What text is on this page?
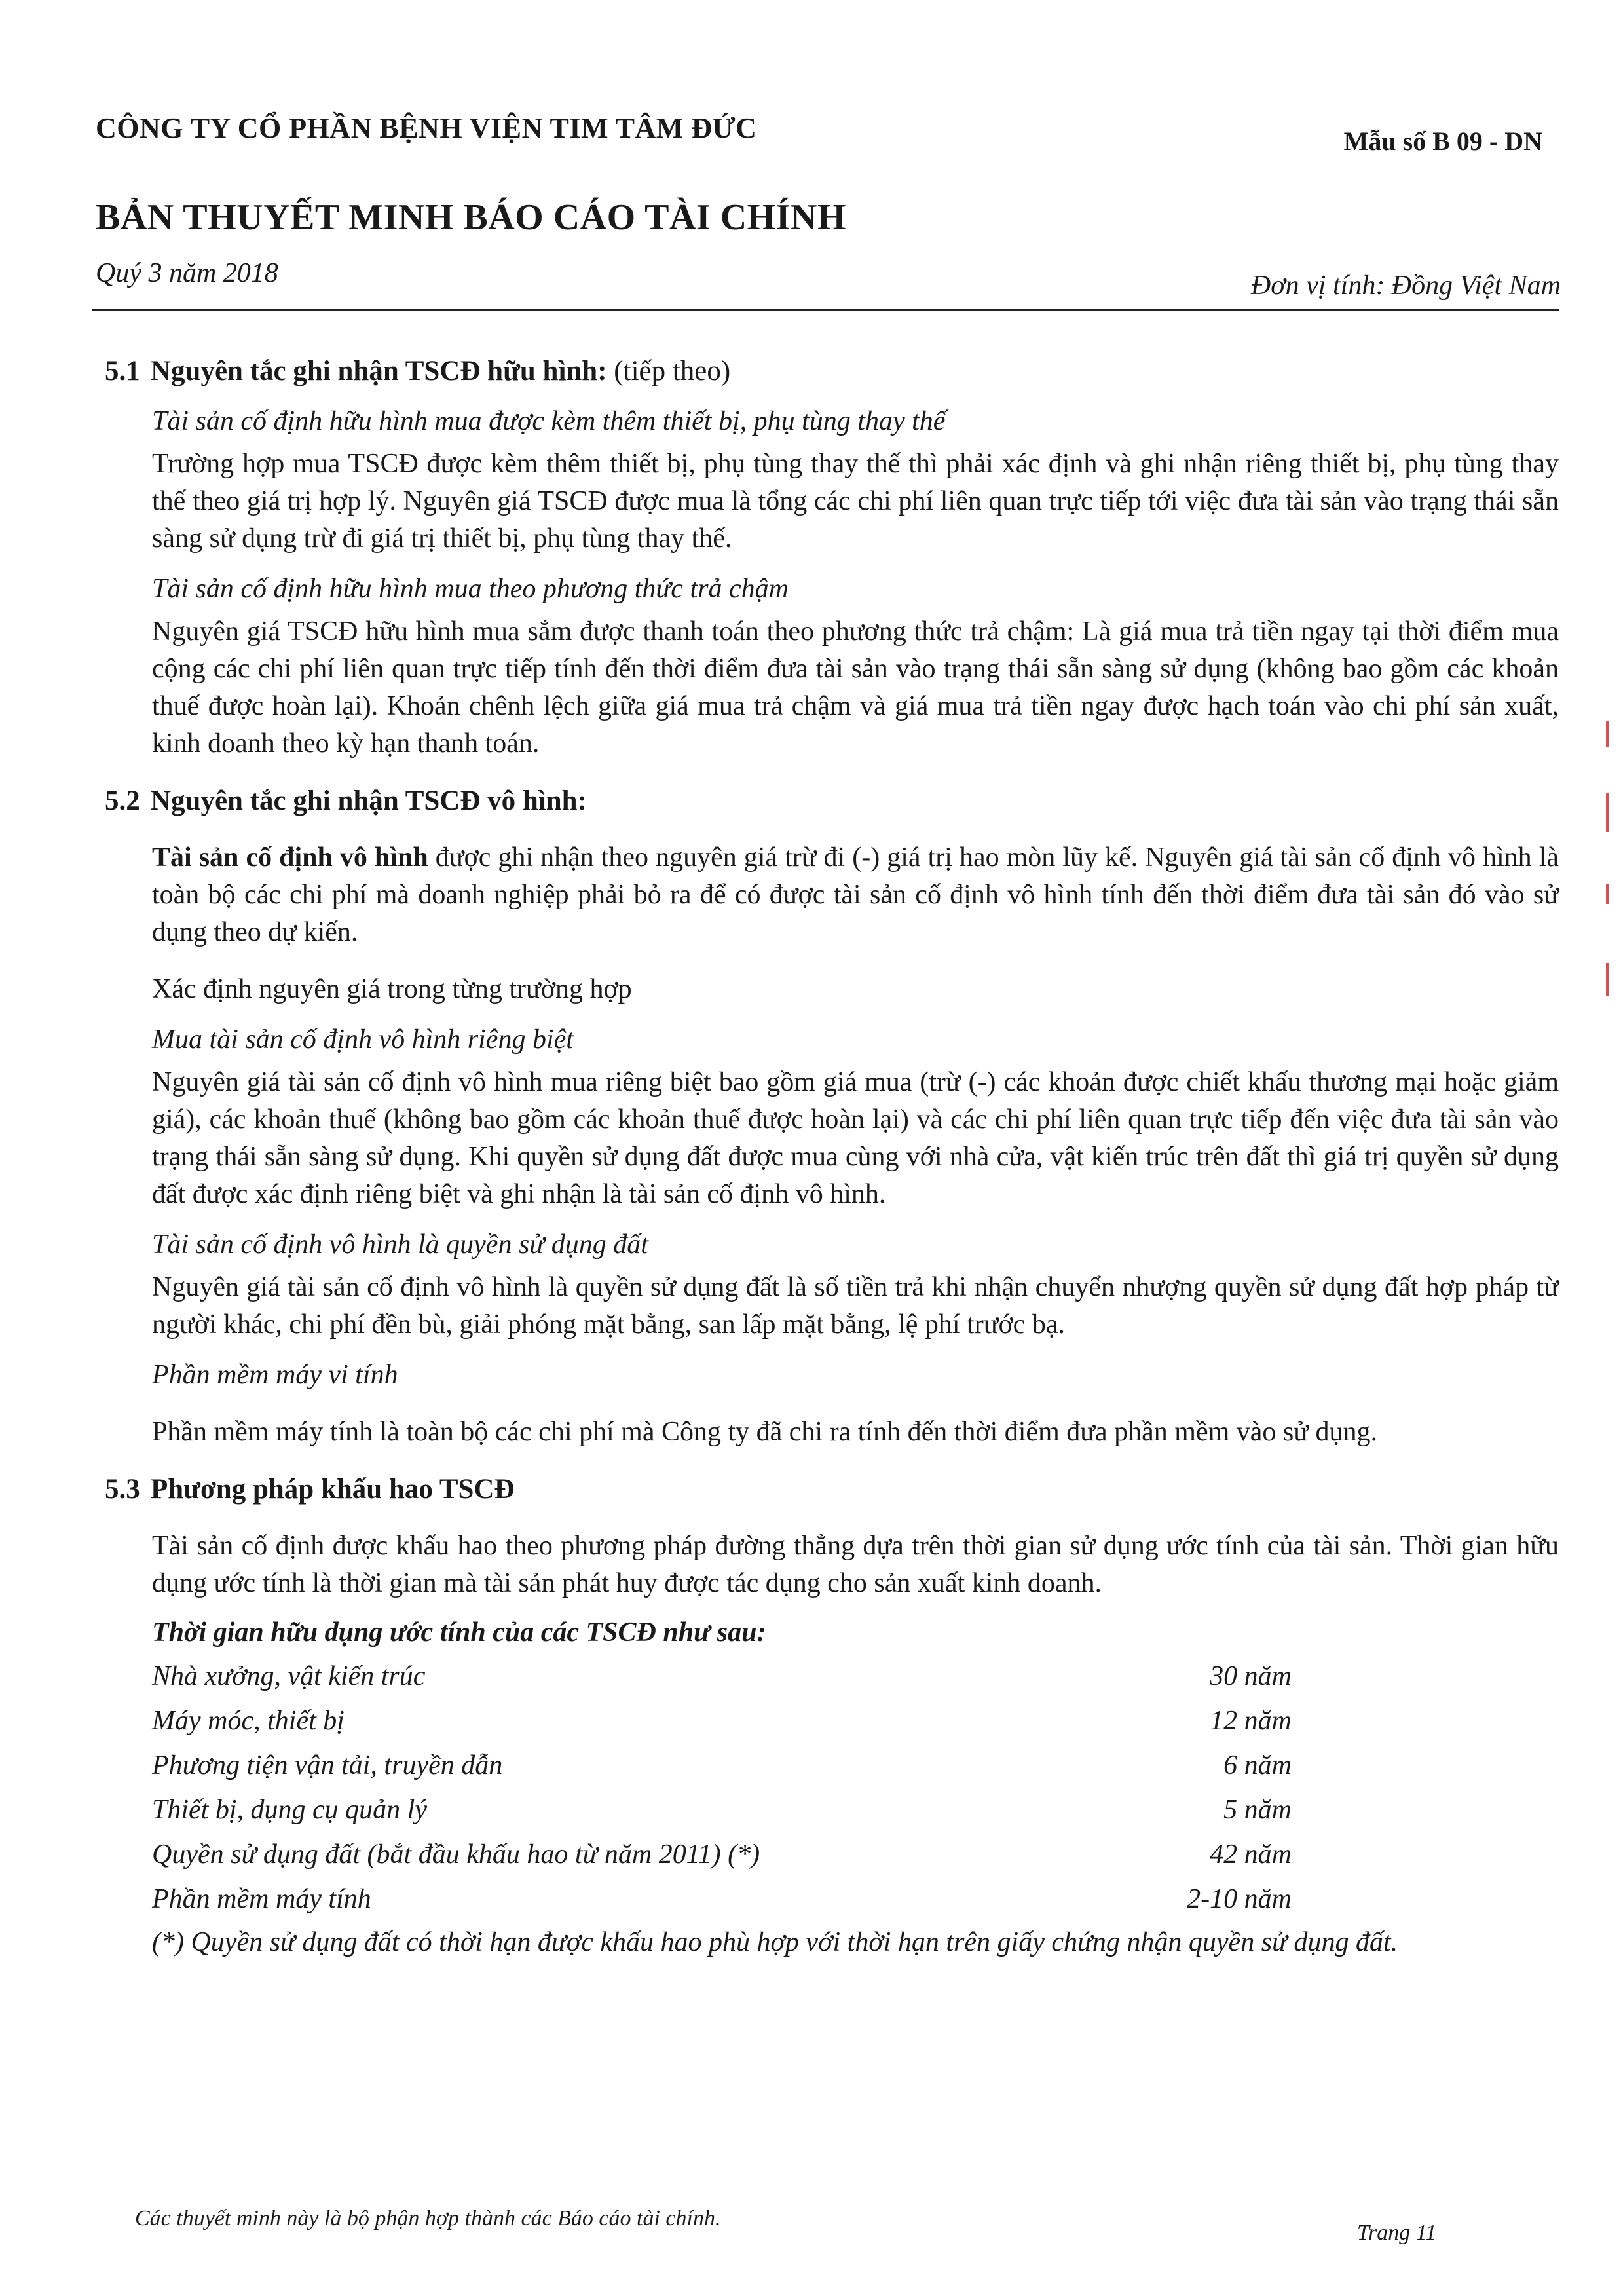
CÔNG TY CỔ PHẦN BỆNH VIỆN TIM TÂM ĐỨC	Mẫu số B 09 - DN
BẢN THUYẾT MINH BÁO CÁO TÀI CHÍNH
Quý 3 năm 2018	Đơn vị tính: Đồng Việt Nam

5.1 Nguyên tắc ghi nhận TSCĐ hữu hình: (tiếp theo)

Tài sản cố định hữu hình mua được kèm thêm thiết bị, phụ tùng thay thế

Trường hợp mua TSCĐ được kèm thêm thiết bị, phụ tùng thay thế thì phải xác định và ghi nhận riêng thiết bị, phụ tùng thay thế theo giá trị hợp lý. Nguyên giá TSCĐ được mua là tổng các chi phí liên quan trực tiếp tới việc đưa tài sản vào trạng thái sẵn sàng sử dụng trừ đi giá trị thiết bị, phụ tùng thay thế.

Tài sản cố định hữu hình mua theo phương thức trả chậm

Nguyên giá TSCĐ hữu hình mua sắm được thanh toán theo phương thức trả chậm: Là giá mua trả tiền ngay tại thời điểm mua cộng các chi phí liên quan trực tiếp tính đến thời điểm đưa tài sản vào trạng thái sẵn sàng sử dụng (không bao gồm các khoản thuế được hoàn lại). Khoản chênh lệch giữa giá mua trả chậm và giá mua trả tiền ngay được hạch toán vào chi phí sản xuất, kinh doanh theo kỳ hạn thanh toán.

5.2 Nguyên tắc ghi nhận TSCĐ vô hình:

Tài sản cố định vô hình được ghi nhận theo nguyên giá trừ đi (-) giá trị hao mòn lũy kế. Nguyên giá tài sản cố định vô hình là toàn bộ các chi phí mà doanh nghiệp phải bỏ ra để có được tài sản cố định vô hình tính đến thời điểm đưa tài sản đó vào sử dụng theo dự kiến.

Xác định nguyên giá trong từng trường hợp

Mua tài sản cố định vô hình riêng biệt

Nguyên giá tài sản cố định vô hình mua riêng biệt bao gồm giá mua (trừ (-) các khoản được chiết khấu thương mại hoặc giảm giá), các khoản thuế (không bao gồm các khoản thuế được hoàn lại) và các chi phí liên quan trực tiếp đến việc đưa tài sản vào trạng thái sẵn sàng sử dụng. Khi quyền sử dụng đất được mua cùng với nhà cửa, vật kiến trúc trên đất thì giá trị quyền sử dụng đất được xác định riêng biệt và ghi nhận là tài sản cố định vô hình.

Tài sản cố định vô hình là quyền sử dụng đất

Nguyên giá tài sản cố định vô hình là quyền sử dụng đất là số tiền trả khi nhận chuyển nhượng quyền sử dụng đất hợp pháp từ người khác, chi phí đền bù, giải phóng mặt bằng, san lấp mặt bằng, lệ phí trước bạ.

Phần mềm máy vi tính

Phần mềm máy tính là toàn bộ các chi phí mà Công ty đã chi ra tính đến thời điểm đưa phần mềm vào sử dụng.

5.3 Phương pháp khấu hao TSCĐ

Tài sản cố định được khấu hao theo phương pháp đường thẳng dựa trên thời gian sử dụng ước tính của tài sản. Thời gian hữu dụng ước tính là thời gian mà tài sản phát huy được tác dụng cho sản xuất kinh doanh.

Thời gian hữu dụng ước tính của các TSCĐ như sau:

Nhà xưởng, vật kiến trúc	30 năm
Máy móc, thiết bị	12 năm
Phương tiện vận tải, truyền dẫn	6 năm
Thiết bị, dụng cụ quản lý	5 năm
Quyền sử dụng đất (bắt đầu khấu hao từ năm 2011) (*)	42 năm
Phần mềm máy tính	2-10 năm

(*) Quyền sử dụng đất có thời hạn được khấu hao phù hợp với thời hạn trên giấy chứng nhận quyền sử dụng đất.

Các thuyết minh này là bộ phận hợp thành các Báo cáo tài chính.
Trang 11
